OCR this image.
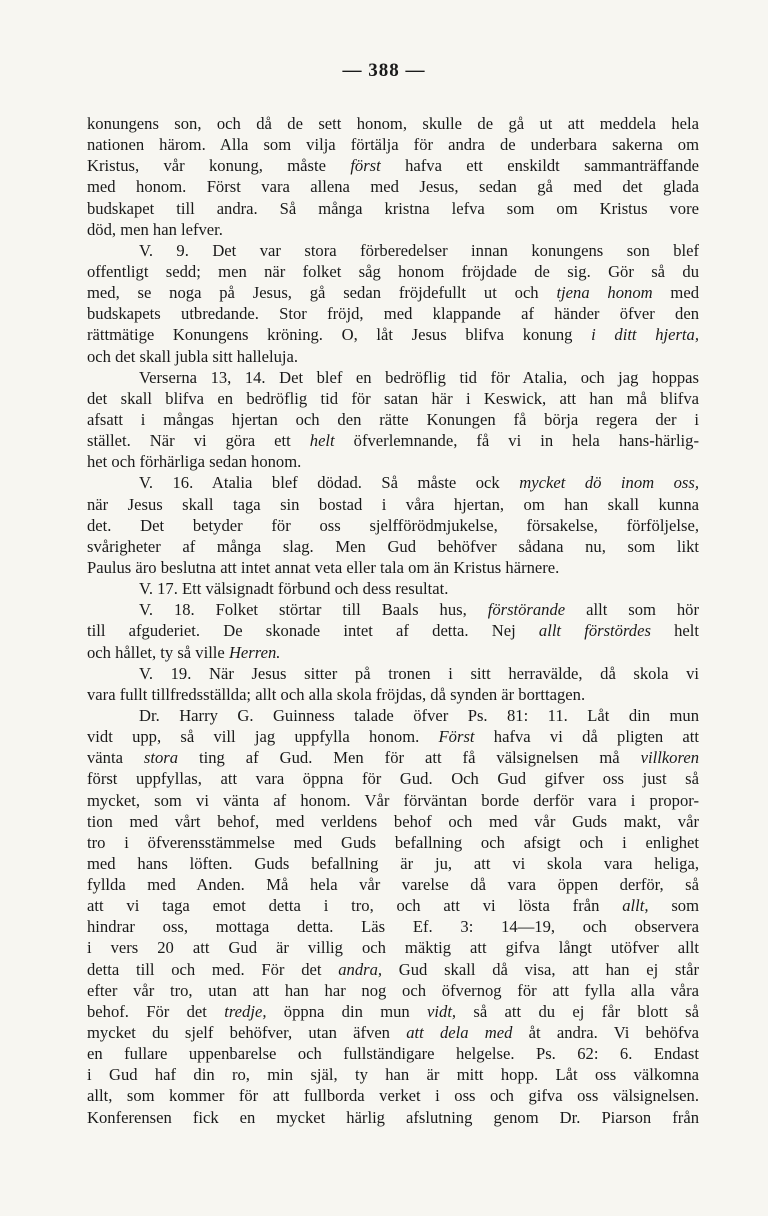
— 388 —
konungens son, och då de sett honom, skulle de gå ut att meddela hela
nationen härom. Alla som vilja förtälja för andra de underbara sakerna om
Kristus, vår konung, måste först hafva ett enskildt sammanträffande
med honom. Först vara allena med Jesus, sedan gå med det glada
budskapet till andra. Så många kristna lefva som om Kristus vore
död, men han lefver.
V. 9. Det var stora förberedelser innan konungens son blef
offentligt sedd; men när folket såg honom fröjdade de sig. Gör så du
med, se noga på Jesus, gå sedan fröjdefullt ut och tjena honom med
budskapets utbredande. Stor fröjd, med klappande af händer öfver den
rättmätige Konungens kröning. O, låt Jesus blifva konung i ditt hjerta,
och det skall jubla sitt halleluja.
Verserna 13, 14. Det blef en bedröflig tid för Atalia, och jag hoppas
det skall blifva en bedröflig tid för satan här i Keswick, att han må blifva
afsatt i mångas hjertan och den rätte Konungen få börja regera der i
stället. När vi göra ett helt öfverlemnande, få vi in hela hans-härlig-
het och förhärliga sedan honom.
V. 16. Atalia blef dödad. Så måste ock mycket dö inom oss,
när Jesus skall taga sin bostad i våra hjertan, om han skall kunna
det. Det betyder för oss sjelfförödmjukelse, försakelse, förföljelse,
svårigheter af många slag. Men Gud behöfver sådana nu, som likt
Paulus äro beslutna att intet annat veta eller tala om än Kristus härnere.
V. 17. Ett välsignadt förbund och dess resultat.
V. 18. Folket störtar till Baals hus, förstörande allt som hör
till afguderiet. De skonade intet af detta. Nej allt förstördes helt
och hållet, ty så ville Herren.
V. 19. När Jesus sitter på tronen i sitt herravälde, då skola vi
vara fullt tillfredsställda; allt och alla skola fröjdas, då synden är borttagen.
Dr. Harry G. Guinness talade öfver Ps. 81: 11. Låt din mun
vidt upp, så vill jag uppfylla honom. Först hafva vi då pligten att
vänta stora ting af Gud. Men för att få välsignelsen må villkoren
först uppfyllas, att vara öppna för Gud. Och Gud gifver oss just så
mycket, som vi vänta af honom. Vår förväntan borde derför vara i propor-
tion med vårt behof, med verldens behof och med vår Guds makt, vår
tro i öfverensstämmelse med Guds befallning och afsigt och i enlighet
med hans löften. Guds befallning är ju, att vi skola vara heliga,
fyllda med Anden. Må hela vår varelse då vara öppen derför, så
att vi taga emot detta i tro, och att vi lösta från allt, som
hindrar oss, mottaga detta. Läs Ef. 3: 14—19, och observera
i vers 20 att Gud är villig och mäktig att gifva långt utöfver allt
detta till och med. För det andra, Gud skall då visa, att han ej står
efter vår tro, utan att han har nog och öfvernog för att fylla alla våra
behof. För det tredje, öppna din mun vidt, så att du ej får blott så
mycket du sjelf behöfver, utan äfven att dela med åt andra. Vi behöfva
en fullare uppenbarelse och fullständigare helgelse. Ps. 62: 6. Endast
i Gud haf din ro, min själ, ty han är mitt hopp. Låt oss välkomna
allt, som kommer för att fullborda verket i oss och gifva oss välsignelsen.
Konferensen fick en mycket härlig afslutning genom Dr. Piarson från
